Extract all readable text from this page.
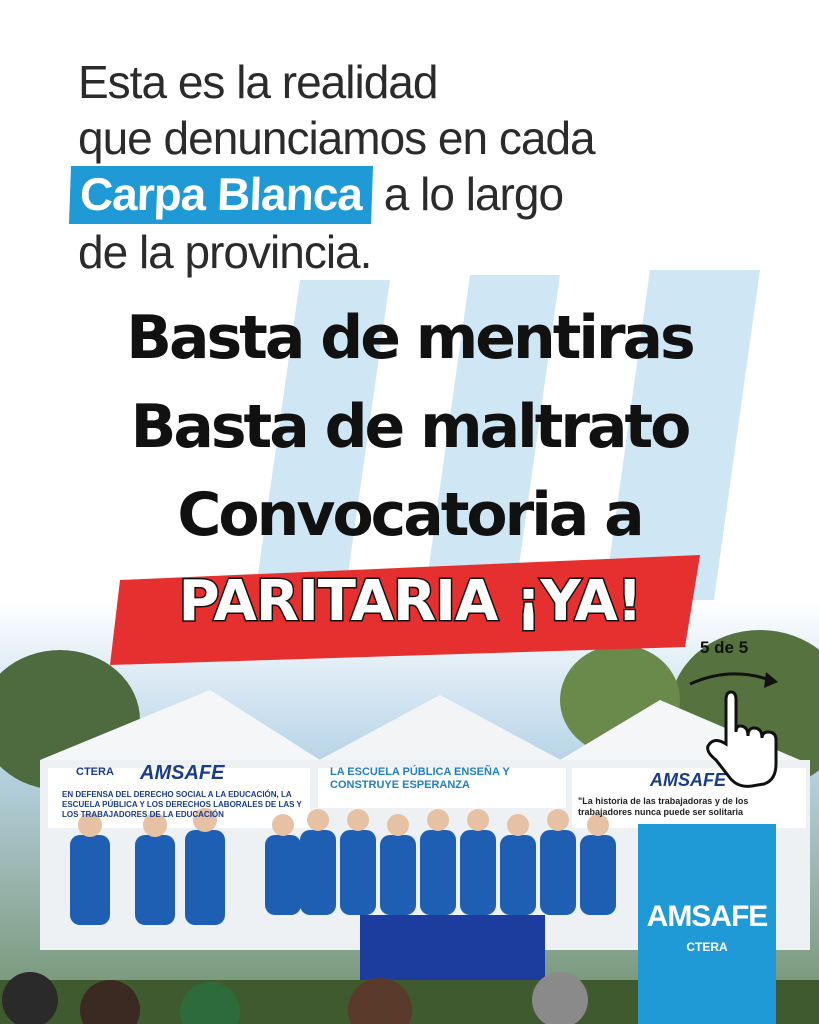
Esta es la realidad
que denunciamos en cada
Carpa Blanca a lo largo
de la provincia.
Basta de mentiras
Basta de maltrato
Convocatoria a
AMSAFE
CTERA
EN DEFENSA DEL DERECHO SOCIAL A LA EDUCACIÓN, LA ESCUELA PÚBLICA Y LOS DERECHOS LABORALES DE LAS Y LOS TRABAJADORES DE LA EDUCACIÓN
LA ESCUELA PÚBLICA ENSEÑA Y CONSTRUYE ESPERANZA	AMSAFE
"La historia de las trabajadoras y de los trabajadores nunca puede ser solitaria
PARITARIA ¡YA!
5 de 5
AMSAFE
CTERA
